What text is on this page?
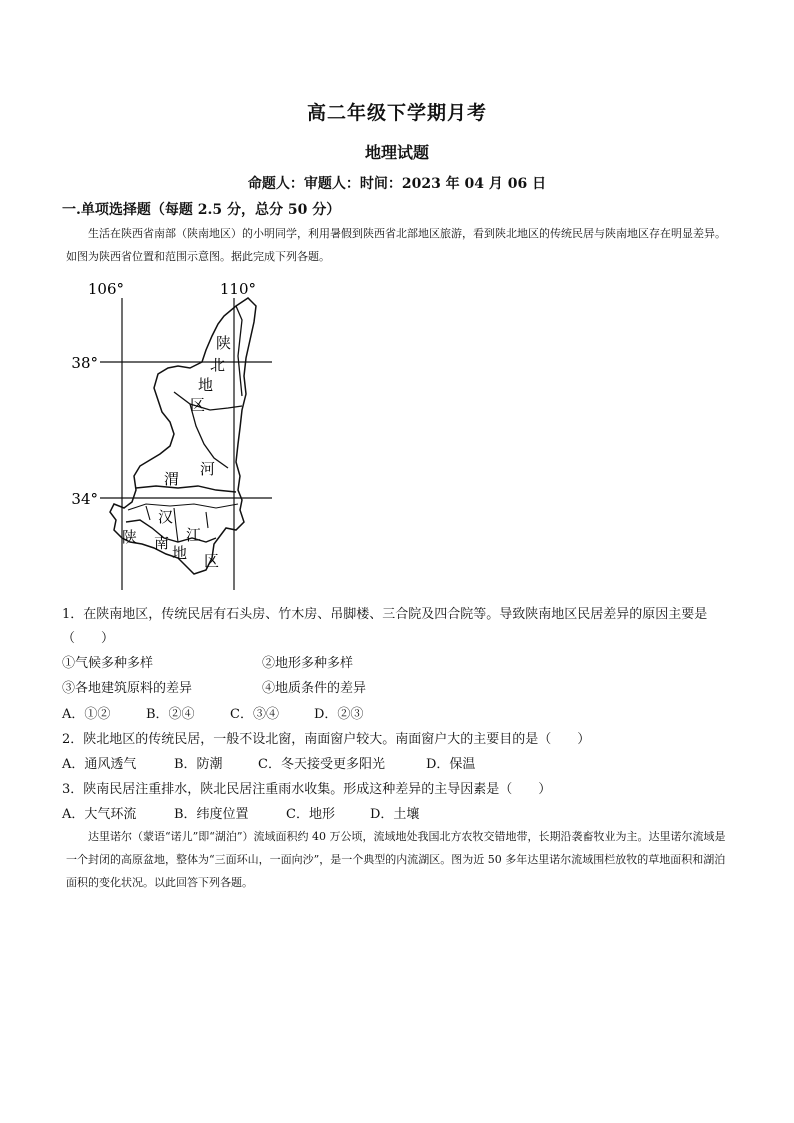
高二年级下学期月考
地理试题
命题人：审题人：时间：2023 年 04 月 06 日
一.单项选择题（每题 2.5 分，总分 50 分）
生活在陕西省南部（陕南地区）的小明同学，利用暑假到陕西省北部地区旅游，看到陕北地区的传统民居与陕南地区存在明显差异。如图为陕西省位置和范围示意图。据此完成下列各题。
106°	110°
38°
34°
陕
北
地
区
渭
河
汉
江
陕 南
地 区
1．在陕南地区，传统民居有石头房、竹木房、吊脚楼、三合院及四合院等。导致陕南地区民居差异的原因主要是（　　）
①气候多种多样	②地形多种多样
③各地建筑原料的差异	④地质条件的差异
A．①②	B．②④	C．③④	D．②③
2．陕北地区的传统民居，一般不设北窗，南面窗户较大。南面窗户大的主要目的是（　　）
A．通风透气	B．防潮	C．冬天接受更多阳光	D．保温
3．陕南民居注重排水，陕北民居注重雨水收集。形成这种差异的主导因素是（　　）
A．大气环流	B．纬度位置	C．地形	D．土壤
达里诺尔（蒙语“诺儿”即“湖泊”）流域面积约 40 万公顷，流域地处我国北方农牧交错地带，长期沿袭畜牧业为主。达里诺尔流域是一个封闭的高原盆地，整体为“三面环山，一面向沙”，是一个典型的内流湖区。图为近 50 多年达里诺尔流域围栏放牧的草地面积和湖泊面积的变化状况。以此回答下列各题。
